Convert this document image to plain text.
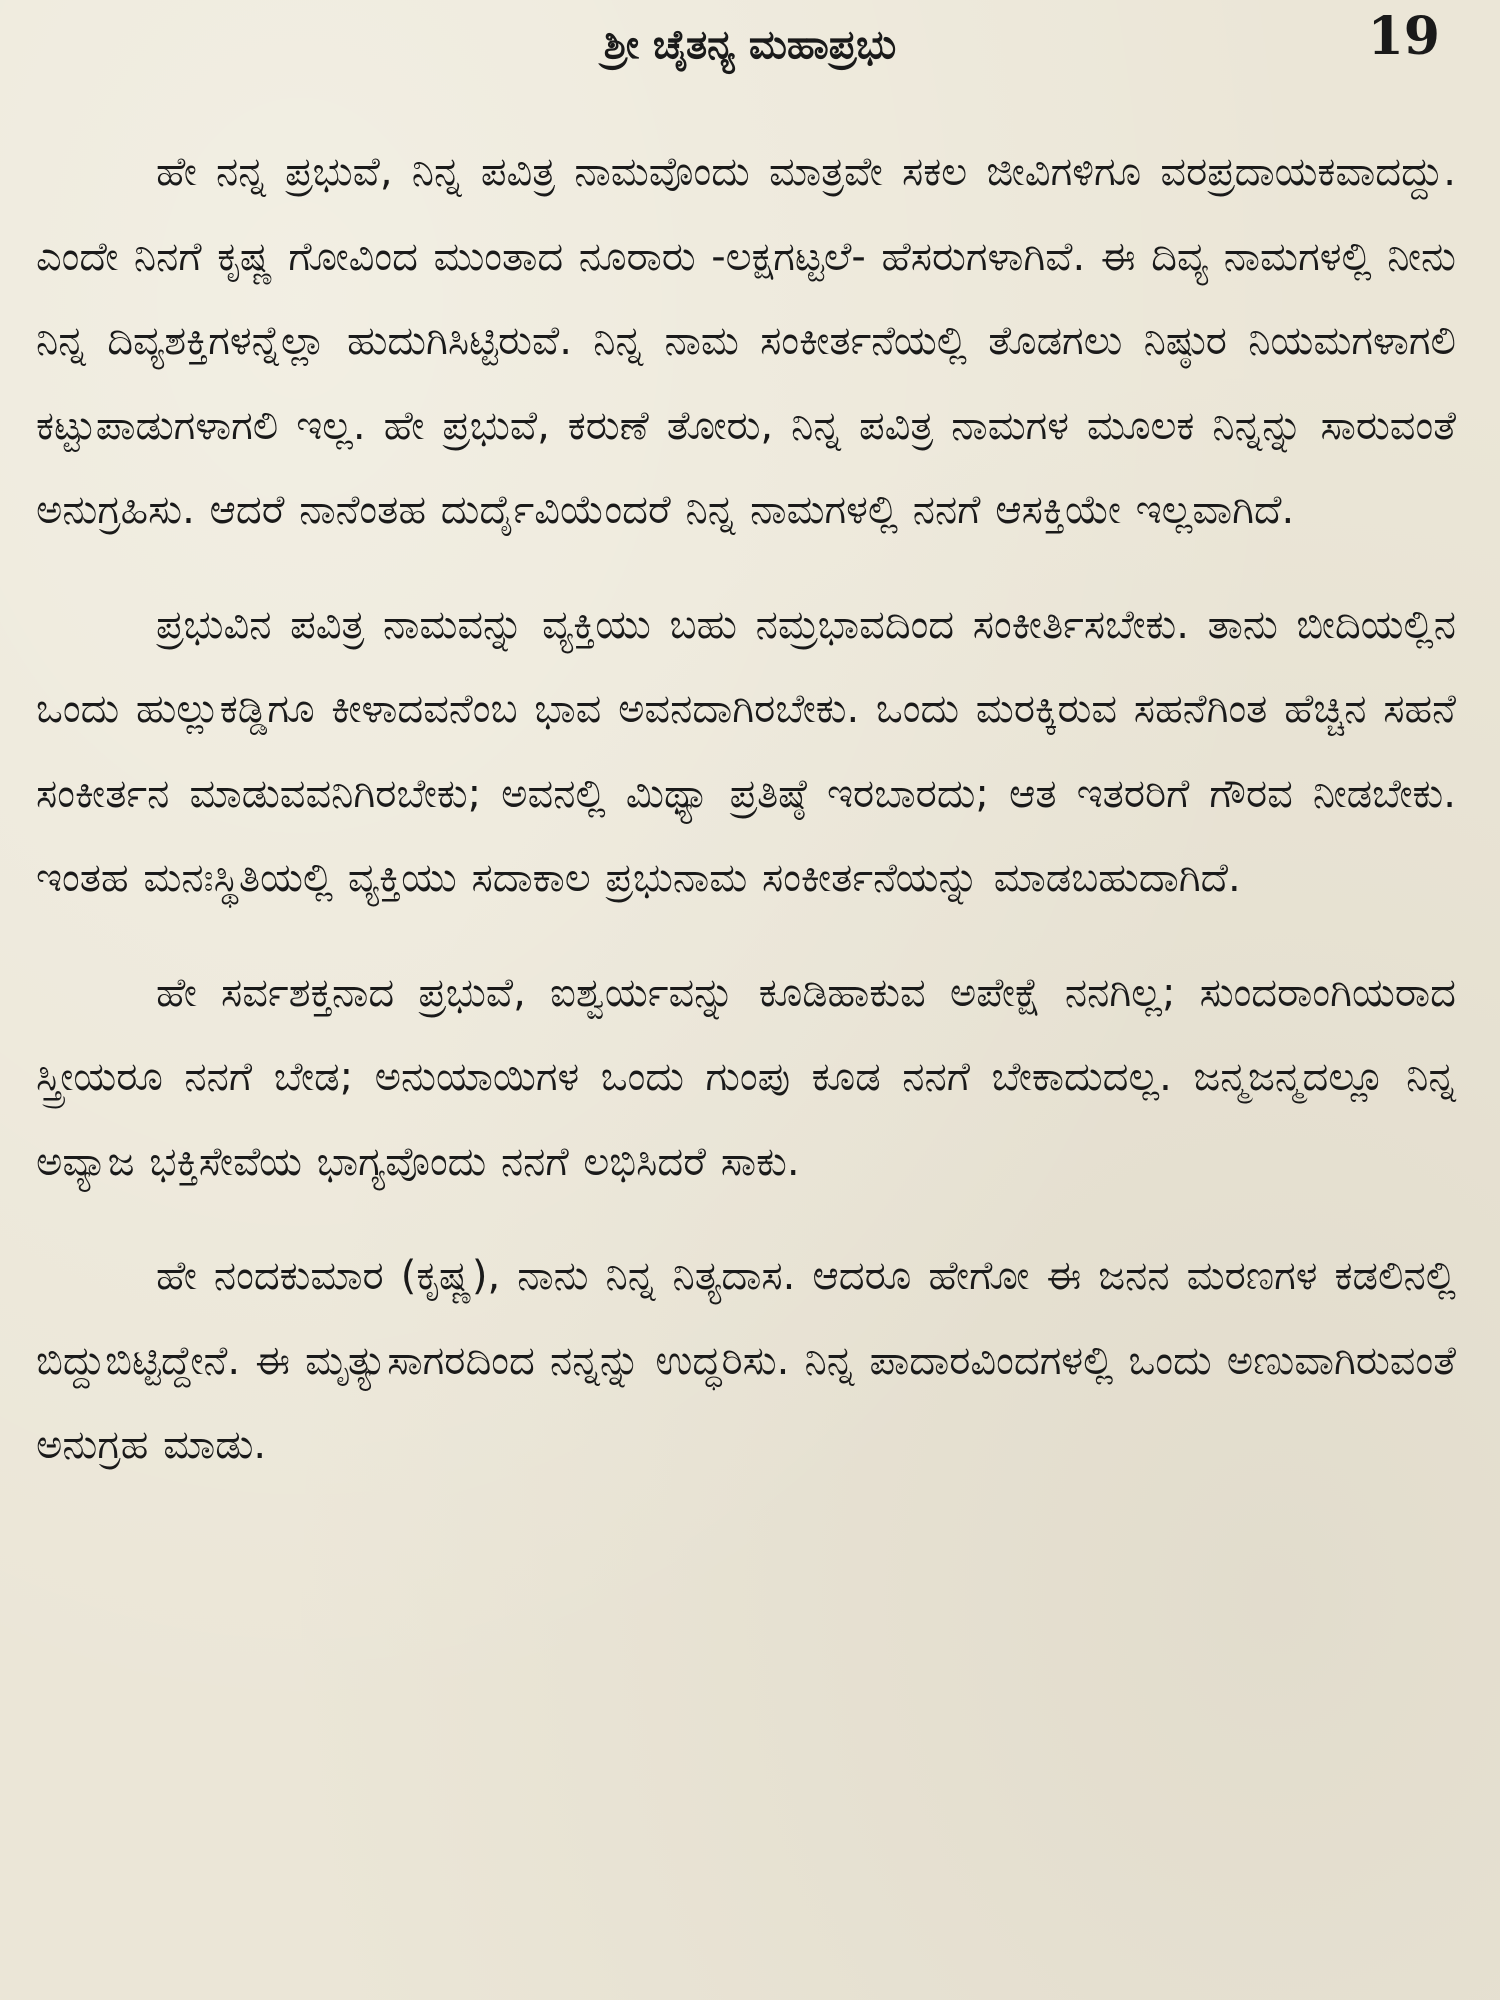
ಶ್ರೀ ಚೈತನ್ಯ ಮಹಾಪ್ರಭು	19

ಹೇ ನನ್ನ ಪ್ರಭುವೆ, ನಿನ್ನ ಪವಿತ್ರ ನಾಮವೊಂದು ಮಾತ್ರವೇ ಸಕಲ ಜೀವಿಗಳಿಗೂ ವರಪ್ರದಾಯಕವಾದದ್ದು. ಎಂದೇ ನಿನಗೆ ಕೃಷ್ಣ ಗೋವಿಂದ ಮುಂತಾದ ನೂರಾರು -ಲಕ್ಷಗಟ್ಟಲೆ- ಹೆಸರುಗಳಾಗಿವೆ. ಈ ದಿವ್ಯ ನಾಮಗಳಲ್ಲಿ ನೀನು ನಿನ್ನ ದಿವ್ಯಶಕ್ತಿಗಳನ್ನೆಲ್ಲಾ ಹುದುಗಿಸಿಟ್ಟಿರುವೆ. ನಿನ್ನ ನಾಮ ಸಂಕೀರ್ತನೆಯಲ್ಲಿ ತೊಡಗಲು ನಿಷ್ಠುರ ನಿಯಮಗಳಾಗಲಿ ಕಟ್ಟುಪಾಡುಗಳಾಗಲಿ ಇಲ್ಲ. ಹೇ ಪ್ರಭುವೆ, ಕರುಣೆ ತೋರು, ನಿನ್ನ ಪವಿತ್ರ ನಾಮಗಳ ಮೂಲಕ ನಿನ್ನನ್ನು ಸಾರುವಂತೆ ಅನುಗ್ರಹಿಸು. ಆದರೆ ನಾನೆಂತಹ ದುರ್ದೈವಿಯೆಂದರೆ ನಿನ್ನ ನಾಮಗಳಲ್ಲಿ ನನಗೆ ಆಸಕ್ತಿಯೇ ಇಲ್ಲವಾಗಿದೆ.

ಪ್ರಭುವಿನ ಪವಿತ್ರ ನಾಮವನ್ನು ವ್ಯಕ್ತಿಯು ಬಹು ನಮ್ರಭಾವದಿಂದ ಸಂಕೀರ್ತಿಸಬೇಕು. ತಾನು ಬೀದಿಯಲ್ಲಿನ ಒಂದು ಹುಲ್ಲುಕಡ್ಡಿಗೂ ಕೀಳಾದವನೆಂಬ ಭಾವ ಅವನದಾಗಿರಬೇಕು. ಒಂದು ಮರಕ್ಕಿರುವ ಸಹನೆಗಿಂತ ಹೆಚ್ಚಿನ ಸಹನೆ ಸಂಕೀರ್ತನ ಮಾಡುವವನಿಗಿರಬೇಕು; ಅವನಲ್ಲಿ ಮಿಥ್ಯಾ ಪ್ರತಿಷ್ಠೆ ಇರಬಾರದು; ಆತ ಇತರರಿಗೆ ಗೌರವ ನೀಡಬೇಕು. ಇಂತಹ ಮನಃಸ್ಥಿತಿಯಲ್ಲಿ ವ್ಯಕ್ತಿಯು ಸದಾಕಾಲ ಪ್ರಭುನಾಮ ಸಂಕೀರ್ತನೆಯನ್ನು ಮಾಡಬಹುದಾಗಿದೆ.

ಹೇ ಸರ್ವಶಕ್ತನಾದ ಪ್ರಭುವೆ, ಐಶ್ವರ್ಯವನ್ನು ಕೂಡಿಹಾಕುವ ಅಪೇಕ್ಷೆ ನನಗಿಲ್ಲ; ಸುಂದರಾಂಗಿಯರಾದ ಸ್ತ್ರೀಯರೂ ನನಗೆ ಬೇಡ; ಅನುಯಾಯಿಗಳ ಒಂದು ಗುಂಪು ಕೂಡ ನನಗೆ ಬೇಕಾದುದಲ್ಲ. ಜನ್ಮಜನ್ಮದಲ್ಲೂ ನಿನ್ನ ಅವ್ಯಾಜ ಭಕ್ತಿಸೇವೆಯ ಭಾಗ್ಯವೊಂದು ನನಗೆ ಲಭಿಸಿದರೆ ಸಾಕು.

ಹೇ ನಂದಕುಮಾರ (ಕೃಷ್ಣ), ನಾನು ನಿನ್ನ ನಿತ್ಯದಾಸ. ಆದರೂ ಹೇಗೋ ಈ ಜನನ ಮರಣಗಳ ಕಡಲಿನಲ್ಲಿ ಬಿದ್ದುಬಿಟ್ಟಿದ್ದೇನೆ. ಈ ಮೃತ್ಯುಸಾಗರದಿಂದ ನನ್ನನ್ನು ಉದ್ಧರಿಸು. ನಿನ್ನ ಪಾದಾರವಿಂದಗಳಲ್ಲಿ ಒಂದು ಅಣುವಾಗಿರುವಂತೆ ಅನುಗ್ರಹ ಮಾಡು.
